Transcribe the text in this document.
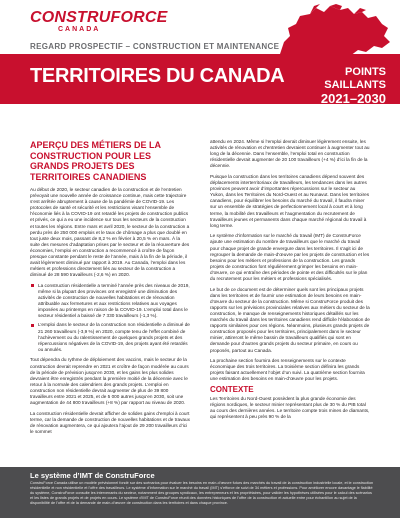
CONSTRUFORCE
CANADA
REGARD PROSPECTIF – CONSTRUCTION ET MAINTENANCE
TERRITOIRES DU CANADA	POINTS SAILLANTS
2021–2030
APERÇU DES MÉTIERS DE LA CONSTRUCTION POUR LES GRANDS PROJETS DES TERRITOIRES CANADIENS

Au début de 2020, le secteur canadien de la construction et de l’entretien prévoyait une nouvelle année de croissance continue, mais cette trajectoire s’est arrêtée abruptement à cause de la pandémie de COVID-19. Les protocoles de santé et sécurité et les restrictions visant l’ensemble de l’économie liés à la COVID-19 ont retardé les projets de construction publics et privés, ce qui a eu une incidence sur tous les secteurs de la construction et toutes les régions. Entre mars et avril 2020, le secteur de la construction a perdu près de 250 000 emplois et le taux de chômage a plus que doublé en tout juste deux mois, passant de 8,2 % en février à 20,5 % en mars. À la suite des mesures d’adaptation prises par le secteur et de la réouverture des économies, l’emploi en construction a recommencé à croître de façon presque constante pendant le reste de l’année, mais à la fin de la période, il avait légèrement diminué par rapport à 2019. Au Canada, l’emploi dans les métiers et professions directement liés au secteur de la construction a diminué de 28 590 travailleurs (-2,6 %) en 2020.

La construction résidentielle a terminé l’année près des niveaux de 2019, même si la plupart des provinces ont enregistré une diminution des activités de construction de nouvelles habitations et de rénovation attribuable aux fermetures et aux restrictions relatives aux voyages imposées au printemps en raison de la COVID-19. L’emploi total dans le secteur résidentiel a baissé de 7 330 travailleurs (-1,3 %).
L’emploi dans le secteur de la construction non résidentielle a diminué de 21 260 travailleurs (-3,9 %) en 2020, compte tenu de l’effet combiné de l’achèvement ou du ralentissement de quelques grands projets et des répercussions négatives de la COVID-19, des projets ayant été retardés ou annulés.

Tout dépendra du rythme de déploiement des vaccins, mais le secteur de la construction devrait reprendre en 2021 et croître de façon modérée au cours de la période de prévision jusqu’en 2030, et les gains les plus solides devraient être enregistrés pendant la première moitié de la décennie avec le retour à la normale des calendriers des grands projets. L’emploi en construction non résidentielle devrait augmenter de plus de 39 800 travailleurs entre 2021 et 2025, et de 5 000 autres jusqu’en 2030, soit une augmentation de 44 800 travailleurs (+8 %) par rapport au niveau de 2020.

La construction résidentielle devrait afficher de solides gains d’emploi à court terme, car la demande de construction de nouvelles habitations et de travaux de rénovation augmentera, ce qui ajoutera l’ajout de 29 200 travailleurs d’ici le sommet

attendu en 2024. Même si l’emploi devrait diminuer légèrement ensuite, les activités de rénovation et d’entretien devraient continuer à augmenter tout au long de la décennie. Dans l’ensemble, l’emploi total en construction résidentielle devrait augmenter de 20 100 travailleurs (+4 %) d’ici la fin de la décennie.

Puisque la construction dans les territoires canadiens dépend souvent des déplacements interterritoriaux de travailleurs, les tendances dans les autres provinces peuvent avoir d’importantes répercussions sur le secteur au Yukon, dans les Territoires du Nord-Ouest et au Nunavut. Dans les territoires canadiens, pour équilibrer les besoins du marché du travail, il faudra miser sur un ensemble de stratégies de perfectionnement local à court et à long terme, la mobilité des travailleurs et l’augmentation du recrutement de travailleurs jeunes et permanents dans chaque marché régional du travail à long terme.

Le système d’information sur le marché du travail (IMT) de ConstruForce ajoute une estimation du nombre de travailleurs que le marché du travail pour chaque projet de grande envergure dans les territoires. Il s’agit ici de regrouper la demande de main-d’œuvre par les projets de construction et les besoins pour les métiers et professions de la construction. Les grands projets de construction font régulièrement grimper les besoins en main-d’œuvre, ce qui entraîne des périodes de pointe et des difficultés sur le plan du recrutement pour les métiers et professions spécialisés.

Le but de ce document est de déterminer quels sont les principaux projets dans les territoires et de fournir une estimation de leurs besoins en main-d’œuvre du secteur de la construction. Même si ConstruForce produit des rapports sur les prévisions provinciales relatives aux métiers du secteur de la construction, le manque de renseignements historiques détaillés sur les marchés du travail dans les territoires canadiens rend difficile l’élaboration de rapports similaires pour ces régions. Néanmoins, plusieurs grands projets de construction proposés pour les territoires, principalement dans le secteur minier, attireront le même bassin de travailleurs qualifiés qui sont en demande pour d’autres grands projets du secteur primaire, en cours ou proposés, partout au Canada.

La prochaine section fournira des renseignements sur le contexte économique des trois territoires. La troisième section définira les grands projets faisant actuellement l’objet d’un suivi. La quatrième section fournira une estimation des besoins en main-d’œuvre pour les projets.

CONTEXTE

Les Territoires du Nord-Ouest possèdent la plus grande économie des régions nordiques, le secteur minier représentant plus de 30 % du PIB total au cours des dernières années. Le territoire compte trois mines de diamants, qui représentent à peu près 90 % de la

Le système d’IMT de ConstruForce
ConstruForce Canada utilise un modèle prévisionnel fondé sur des scénarios pour évaluer les besoins en main-d’œuvre futurs des marchés du travail de la construction industrielle locale, et le construction résidentielle et non résidentielle et l’offre des travailleurs. Le système d’information sur le marché du travail (IMT) s’efforce de suivi de 34 métiers et professions. Pour améliorer encore davantage le fiabilité du système, ConstruForce consulte les intervenants du secteur, notamment des groupes syndicaux, les entrepreneurs et les propriétaires, pour valider les hypothèses utilisées pour le calcul des scénarios et les listes de grands projets et de projets en cours. Le système d’IMT de ConstruForce réunit des données historiques de l’offre de la construction et actuelle entre pour échantillon au sujet de la disponibilité de l’offre et de la demande de main-d’œuvre de construction dans les territoires et dans chaque province.
